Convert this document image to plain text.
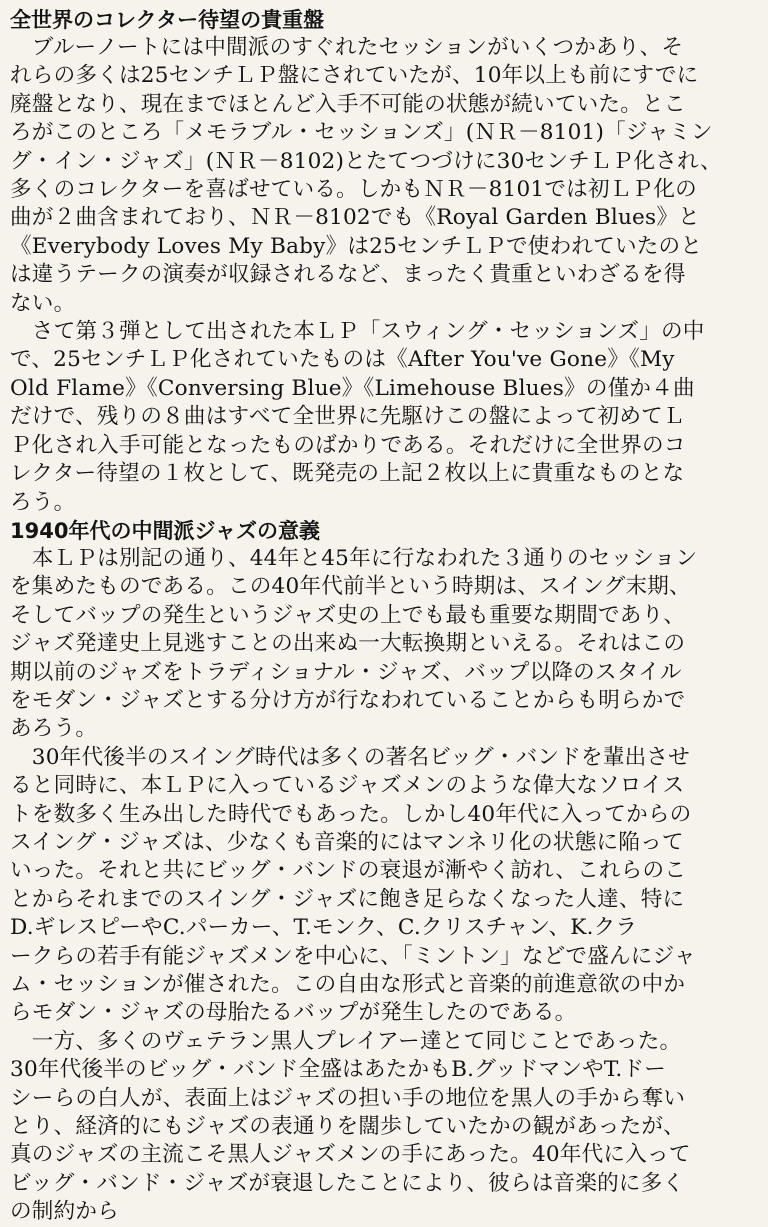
全世界のコレクター待望の貴重盤

　ブルーノートには中間派のすぐれたセッションがいくつかあり、そ
れらの多くは25センチＬＰ盤にされていたが、10年以上も前にすでに
廃盤となり、現在までほとんど入手不可能の状態が続いていた。とこ
ろがこのところ「メモラブル・セッションズ」(ＮＲ－8101)「ジャミン
グ・イン・ジャズ」(ＮＲ－8102)とたてつづけに30センチＬＰ化され、
多くのコレクターを喜ばせている。しかもＮＲ－8101では初ＬＰ化の
曲が２曲含まれており、ＮＲ－8102でも《Royal Garden Blues》と
《Everybody Loves My Baby》は25センチＬＰで使われていたのと
は違うテークの演奏が収録されるなど、まったく貴重といわざるを得
ない。

　さて第３弾として出された本ＬＰ「スウィング・セッションズ」の中
で、25センチＬＰ化されていたものは《After You've Gone》《My
Old Flame》《Conversing Blue》《Limehouse Blues》の僅か４曲
だけで、残りの８曲はすべて全世界に先駆けこの盤によって初めてＬ
Ｐ化され入手可能となったものばかりである。それだけに全世界のコ
レクター待望の１枚として、既発売の上記２枚以上に貴重なものとな
ろう。

1940年代の中間派ジャズの意義

　本ＬＰは別記の通り、44年と45年に行なわれた３通りのセッション
を集めたものである。この40年代前半という時期は、スイング末期、
そしてバップの発生というジャズ史の上でも最も重要な期間であり、
ジャズ発達史上見逃すことの出来ぬ一大転換期といえる。それはこの
期以前のジャズをトラディショナル・ジャズ、バップ以降のスタイル
をモダン・ジャズとする分け方が行なわれていることからも明らかで
あろう。

　30年代後半のスイング時代は多くの著名ビッグ・バンドを輩出させ
ると同時に、本ＬＰに入っているジャズメンのような偉大なソロイス
トを数多く生み出した時代でもあった。しかし40年代に入ってからの
スイング・ジャズは、少なくも音楽的にはマンネリ化の状態に陥って
いった。それと共にビッグ・バンドの衰退が漸やく訪れ、これらのこ
とからそれまでのスイング・ジャズに飽き足らなくなった人達、特に
D.ギレスピーやC.パーカー、T.モンク、C.クリスチャン、K.クラ
ークらの若手有能ジャズメンを中心に、「ミントン」などで盛んにジャ
ム・セッションが催された。この自由な形式と音楽的前進意欲の中か
らモダン・ジャズの母胎たるバップが発生したのである。

　一方、多くのヴェテラン黒人プレイアー達とて同じことであった。
30年代後半のビッグ・バンド全盛はあたかもB.グッドマンやT.ドー
シーらの白人が、表面上はジャズの担い手の地位を黒人の手から奪い
とり、経済的にもジャズの表通りを闊歩していたかの観があったが、
真のジャズの主流こそ黒人ジャズメンの手にあった。40年代に入って
ビッグ・バンド・ジャズが衰退したことにより、彼らは音楽的に多く
の制約から
